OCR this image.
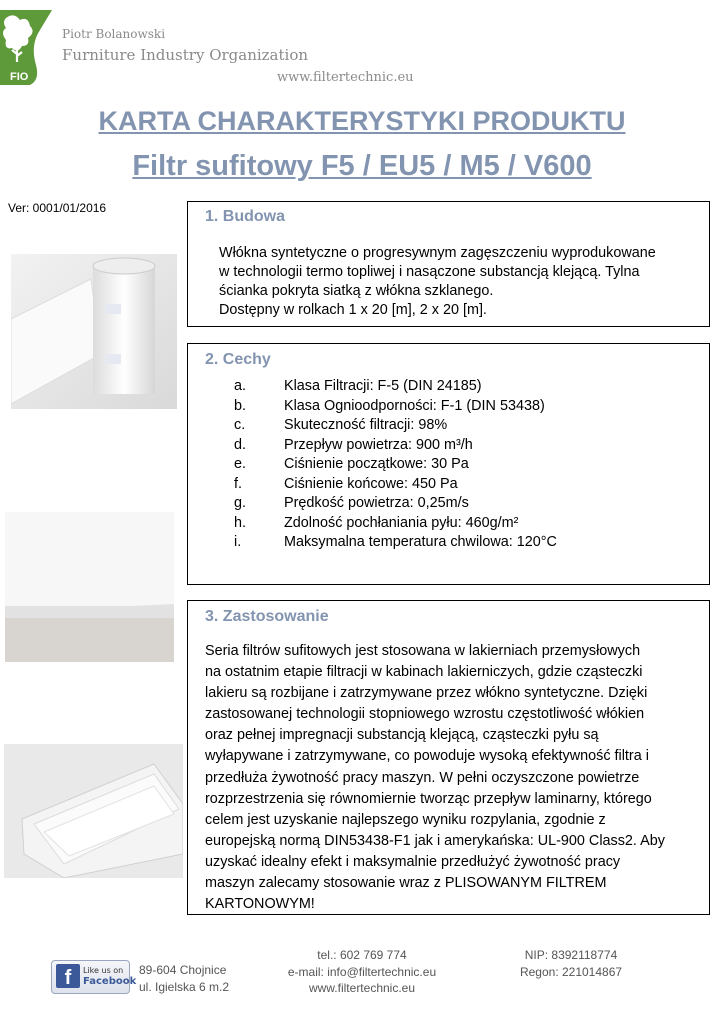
FIO
Piotr Bolanowski
Furniture Industry Organization
www.filtertechnic.eu
KARTA CHARAKTERYSTYKI PRODUKTU
Filtr sufitowy F5 / EU5 / M5 / V600
Ver: 0001/01/2016	1. Budowa
Włókna syntetyczne o progresywnym zagęszczeniu wyprodukowane
w technologii termo topliwej i nasączone substancją klejącą. Tylna
ścianka pokryta siatką z włókna szklanego.
Dostępny w rolkach 1 x 20 [m], 2 x 20 [m].
2. Cechy
a.	Klasa Filtracji: F-5 (DIN 24185)
b.	Klasa Ognioodporności: F-1 (DIN 53438)
c.	Skuteczność filtracji: 98%
d.	Przepływ powietrza: 900 m³/h
e.	Ciśnienie początkowe: 30 Pa
f.	Ciśnienie końcowe: 450 Pa
g.	Prędkość powietrza: 0,25m/s
h.	Zdolność pochłaniania pyłu: 460g/m²
i.	Maksymalna temperatura chwilowa: 120°C
3. Zastosowanie
Seria filtrów sufitowych jest stosowana w lakierniach przemysłowych
na ostatnim etapie filtracji w kabinach lakierniczych, gdzie cząsteczki
lakieru są rozbijane i zatrzymywane przez włókno syntetyczne. Dzięki
zastosowanej technologii stopniowego wzrostu częstotliwość włókien
oraz pełnej impregnacji substancją klejącą, cząsteczki pyłu są
wyłapywane i zatrzymywane, co powoduje wysoką efektywność filtra i
przedłuża żywotność pracy maszyn. W pełni oczyszczone powietrze
rozprzestrzenia się równomiernie tworząc przepływ laminarny, którego
celem jest uzyskanie najlepszego wyniku rozpylania, zgodnie z
europejską normą DIN53438-F1 jak i amerykańska: UL-900 Class2. Aby
uzyskać idealny efekt i maksymalnie przedłużyć żywotność pracy
maszyn zalecamy stosowanie wraz z PLISOWANYM FILTREM
KARTONOWYM!
f	Like us on
Facebook
89-604 Chojnice
ul. Igielska 6 m.2
tel.: 602 769 774
e-mail: info@filtertechnic.eu
www.filtertechnic.eu
NIP: 8392118774
Regon: 221014867
